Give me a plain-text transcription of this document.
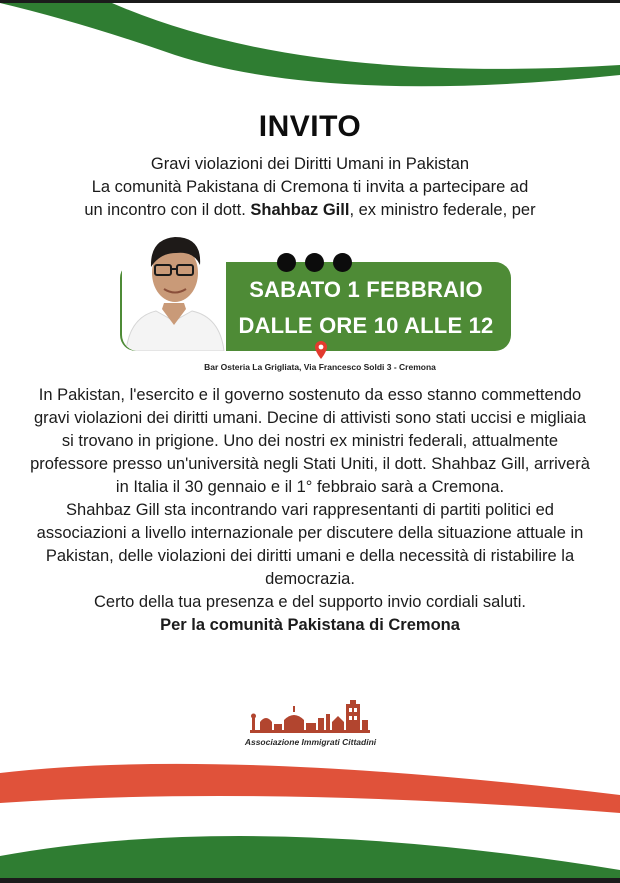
INVITO
Gravi violazioni dei Diritti Umani in Pakistan
La comunità Pakistana di Cremona ti invita a partecipare ad
un incontro con il dott. Shahbaz Gill, ex ministro federale, per
SABATO 1 FEBBRAIO
DALLE ORE 10 ALLE 12
Bar Osteria La Grigliata, Via Francesco Soldi 3 - Cremona

In Pakistan, l'esercito e il governo sostenuto da esso stanno commettendo gravi violazioni dei diritti umani. Decine di attivisti sono stati uccisi e migliaia si trovano in prigione. Uno dei nostri ex ministri federali, attualmente professore presso un'università negli Stati Uniti, il dott. Shahbaz Gill, arriverà in Italia il 30 gennaio e il 1° febbraio sarà a Cremona.

Shahbaz Gill sta incontrando vari rappresentanti di partiti politici ed associazioni a livello internazionale per discutere della situazione attuale in Pakistan, delle violazioni dei diritti umani e della necessità di ristabilire la democrazia.

Certo della tua presenza e del supporto invio cordiali saluti.

Per la comunità Pakistana di Cremona

Associazione Immigrati Cittadini
